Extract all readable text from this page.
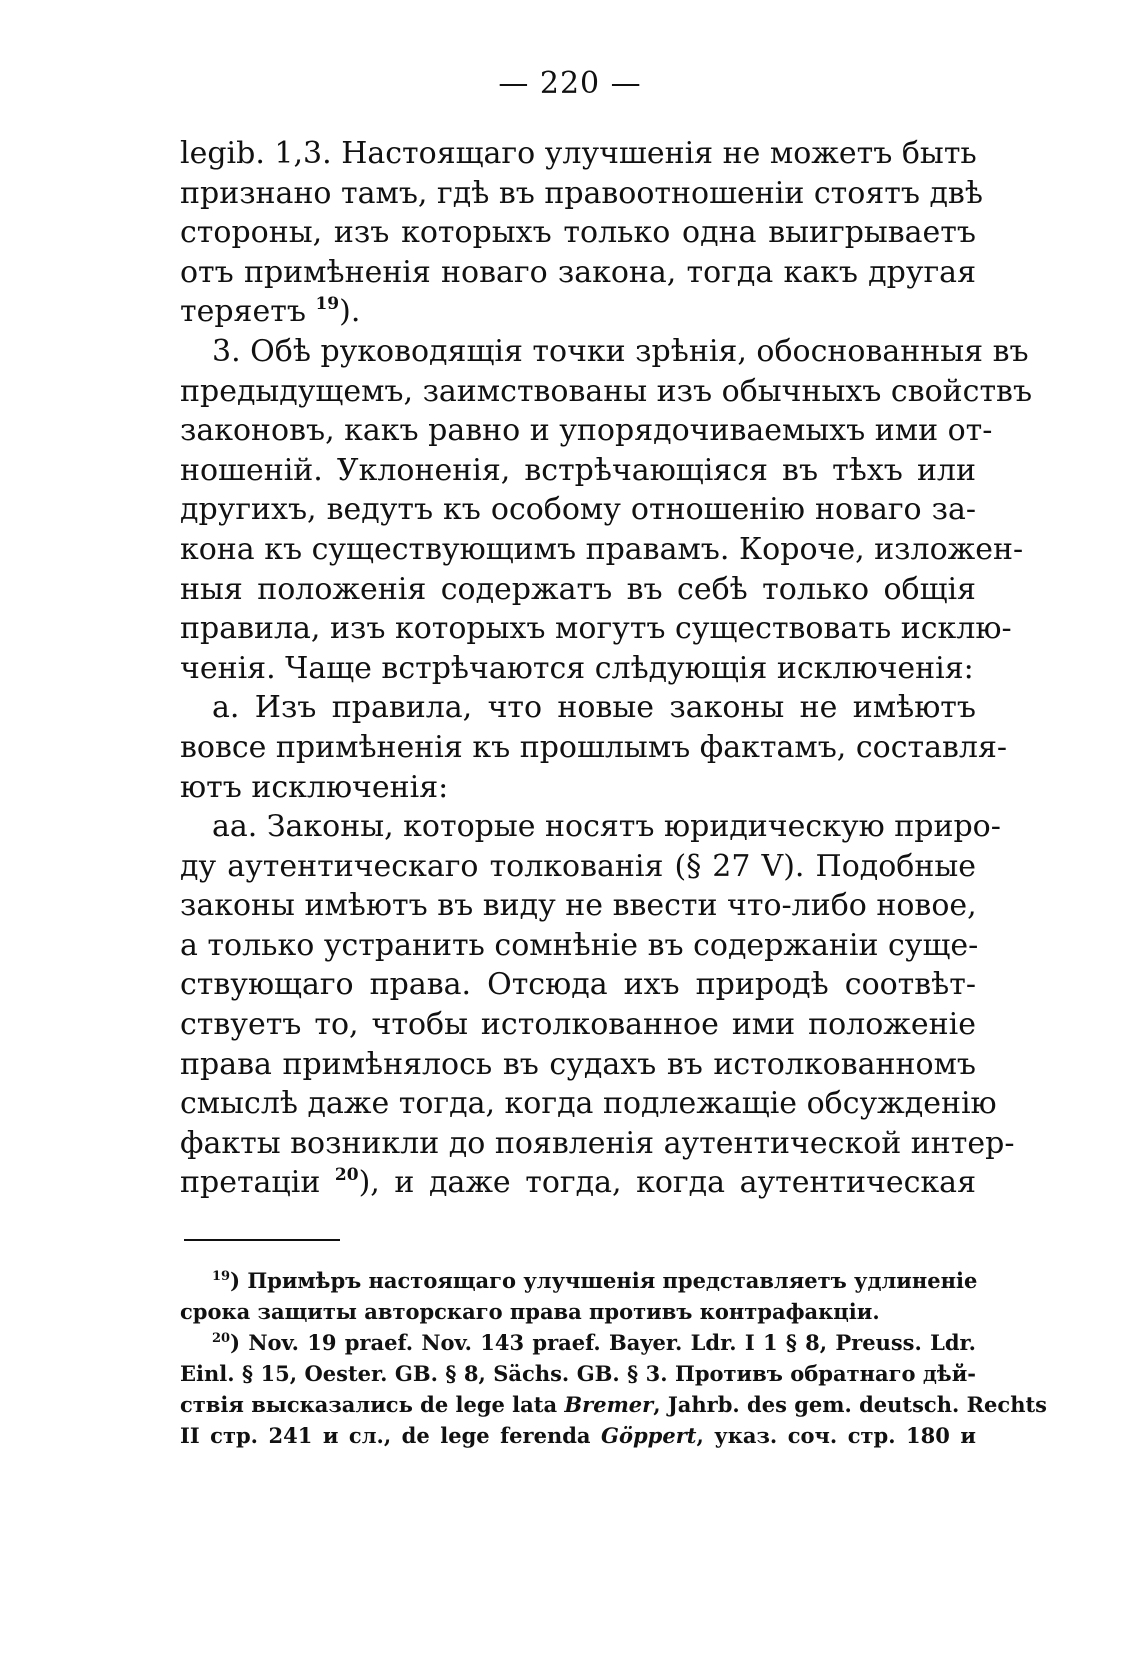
— 220 —
legib. 1,3. Настоящаго улучшенія не можетъ быть
признано тамъ, гдѣ въ правоотношеніи стоятъ двѣ
стороны, изъ которыхъ только одна выигрываетъ
отъ примѣненія новаго закона, тогда какъ другая
теряетъ $^{19}$).
3. Обѣ руководящія точки зрѣнія, обоснованныя въ
предыдущемъ, заимствованы изъ обычныхъ свойствъ
законовъ, какъ равно и упорядочиваемыхъ ими от-
ношеній. Уклоненія, встрѣчающіяся въ тѣхъ или
другихъ, ведутъ къ особому отношенію новаго за-
кона къ существующимъ правамъ. Короче, изложен-
ныя положенія содержатъ въ себѣ только общія
правила, изъ которыхъ могутъ существовать исклю-
ченія. Чаще встрѣчаются слѣдующія исключенія:
а. Изъ правила, что новые законы не имѣютъ
вовсе примѣненія къ прошлымъ фактамъ, составля-
ютъ исключенія:
аа. Законы, которые носятъ юридическую приро-
ду аутентическаго толкованія (§ 27 V). Подобные
законы имѣютъ въ виду не ввести что-либо новое,
а только устранить сомнѣніе въ содержаніи суще-
ствующаго права. Отсюда ихъ природѣ соотвѣт-
ствуетъ то, чтобы истолкованное ими положеніе
права примѣнялось въ судахъ въ истолкованномъ
смыслѣ даже тогда, когда подлежащіе обсужденію
факты возникли до появленія аутентической интер-
претаціи $^{20}$), и даже тогда, когда аутентическая
$^{19}$) Примѣръ настоящаго улучшенія представляетъ удлиненіе
срока защиты авторскаго права противъ контрафакціи.
$^{20}$) Nov. 19 praef. Nov. 143 praef. Bayer. Ldr. I 1 § 8, Preuss. Ldr.
Einl. § 15, Oester. GB. § 8, Sächs. GB. § 3. Противъ обратнаго дѣй-
ствія высказались de lege lata Bremer, Jahrb. des gem. deutsch. Rechts
II стр. 241 и сл., de lege ferenda Göppert, указ. соч. стр. 180 и
